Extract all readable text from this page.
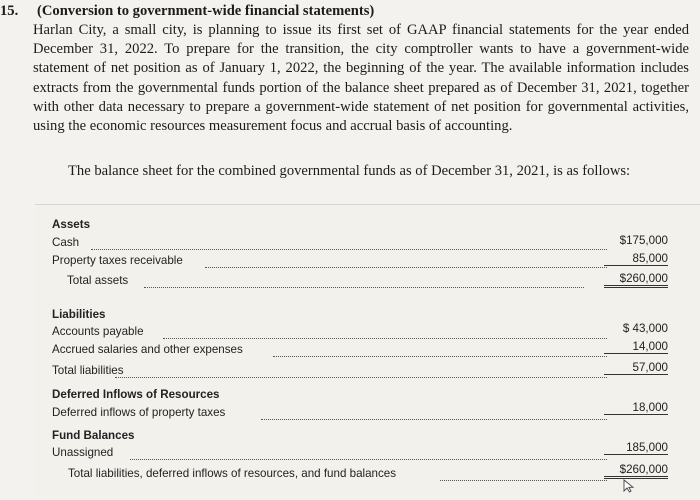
15. (Conversion to government-wide financial statements)
Harlan City, a small city, is planning to issue its first set of GAAP financial statements for the year ended December 31, 2022. To prepare for the transition, the city comptroller wants to have a government-wide statement of net position as of January 1, 2022, the beginning of the year. The available information includes extracts from the governmental funds portion of the balance sheet prepared as of December 31, 2021, together with other data necessary to prepare a government-wide statement of net position for governmental activities, using the economic resources measurement focus and accrual basis of accounting.
The balance sheet for the combined governmental funds as of December 31, 2021, is as follows:
Assets
Cash	$175,000
Property taxes receivable	85,000
Total assets	$260,000
Liabilities
Accounts payable	$ 43,000
Accrued salaries and other expenses	14,000
Total liabilities	57,000
Deferred Inflows of Resources
Deferred inflows of property taxes	18,000
Fund Balances
Unassigned	185,000
Total liabilities, deferred inflows of resources, and fund balances	$260,000
